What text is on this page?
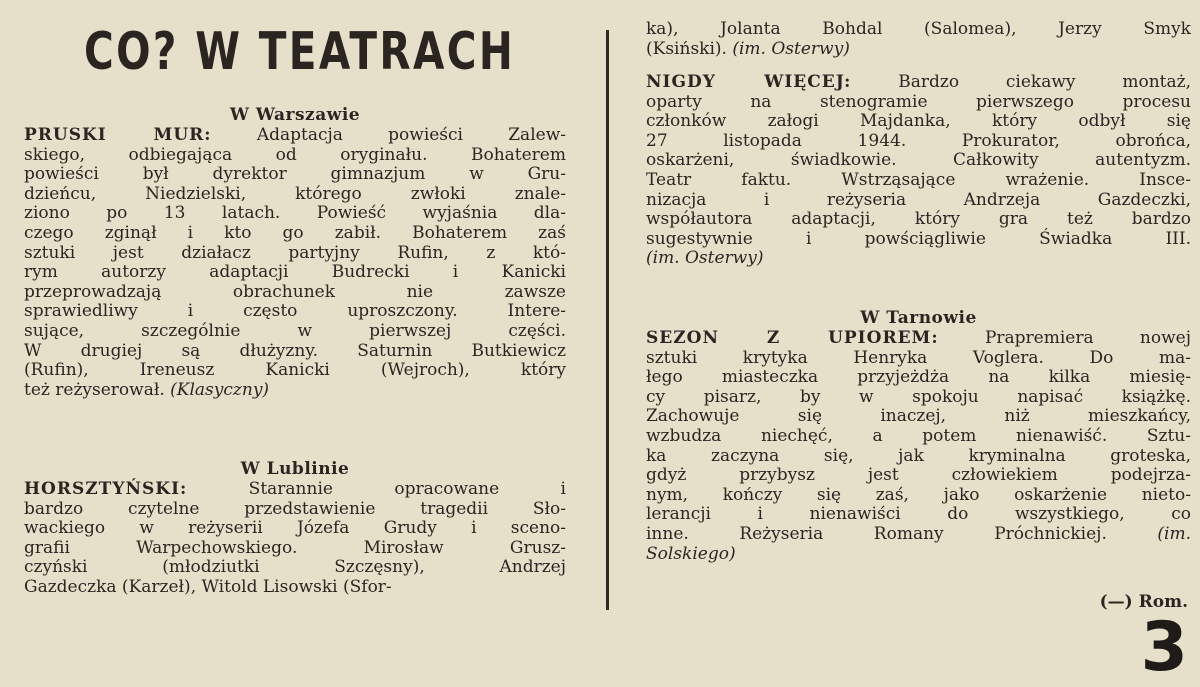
CO? W TEATRACH

W Warszawie

PRUSKI MUR: Adaptacja powieści Zalew-
skiego, odbiegająca od oryginału. Bohaterem
powieści był dyrektor gimnazjum w Gru-
dzieńcu, Niedzielski, którego zwłoki znale-
ziono po 13 latach. Powieść wyjaśnia dla-
czego zginął i kto go zabił. Bohaterem zaś
sztuki jest działacz partyjny Rufin, z któ-
rym autorzy adaptacji Budrecki i Kanicki
przeprowadzają obrachunek nie zawsze
sprawiedliwy i często uproszczony. Intere-
sujące, szczególnie w pierwszej części.
W drugiej są dłużyzny. Saturnin Butkiewicz
(Rufin), Ireneusz Kanicki (Wejroch), który
też reżyserował. (Klasyczny)

W Lublinie

HORSZTYŃSKI: Starannie opracowane i
bardzo czytelne przedstawienie tragedii Sło-
wackiego w reżyserii Józefa Grudy i sceno-
grafii Warpechowskiego. Mirosław Grusz-
czyński (młodziutki Szczęsny), Andrzej
Gazdeczka (Karzeł), Witold Lisowski (Sfor-
ka), Jolanta Bohdal (Salomea), Jerzy Smyk
(Ksiński). (im. Osterwy)
NIGDY WIĘCEJ: Bardzo ciekawy montaż,
oparty na stenogramie pierwszego procesu
członków załogi Majdanka, który odbył się
27 listopada 1944. Prokurator, obrońca,
oskarżeni, świadkowie. Całkowity autentyzm.
Teatr faktu. Wstrząsające wrażenie. Insce-
nizacja i reżyseria Andrzeja Gazdeczki,
współautora adaptacji, który gra też bardzo
sugestywnie i powściągliwie Świadka III.
(im. Osterwy)

W Tarnowie

SEZON Z UPIOREM: Prapremiera nowej
sztuki krytyka Henryka Voglera. Do ma-
łego miasteczka przyjeżdża na kilka miesię-
cy pisarz, by w spokoju napisać książkę.
Zachowuje się inaczej, niż mieszkańcy,
wzbudza niechęć, a potem nienawiść. Sztu-
ka zaczyna się, jak kryminalna groteska,
gdyż przybysz jest człowiekiem podejrza-
nym, kończy się zaś, jako oskarżenie nieto-
lerancji i nienawiści do wszystkiego, co
inne. Reżyseria Romany Próchnickiej. (im.
Solskiego)
(—) Rom.
3
